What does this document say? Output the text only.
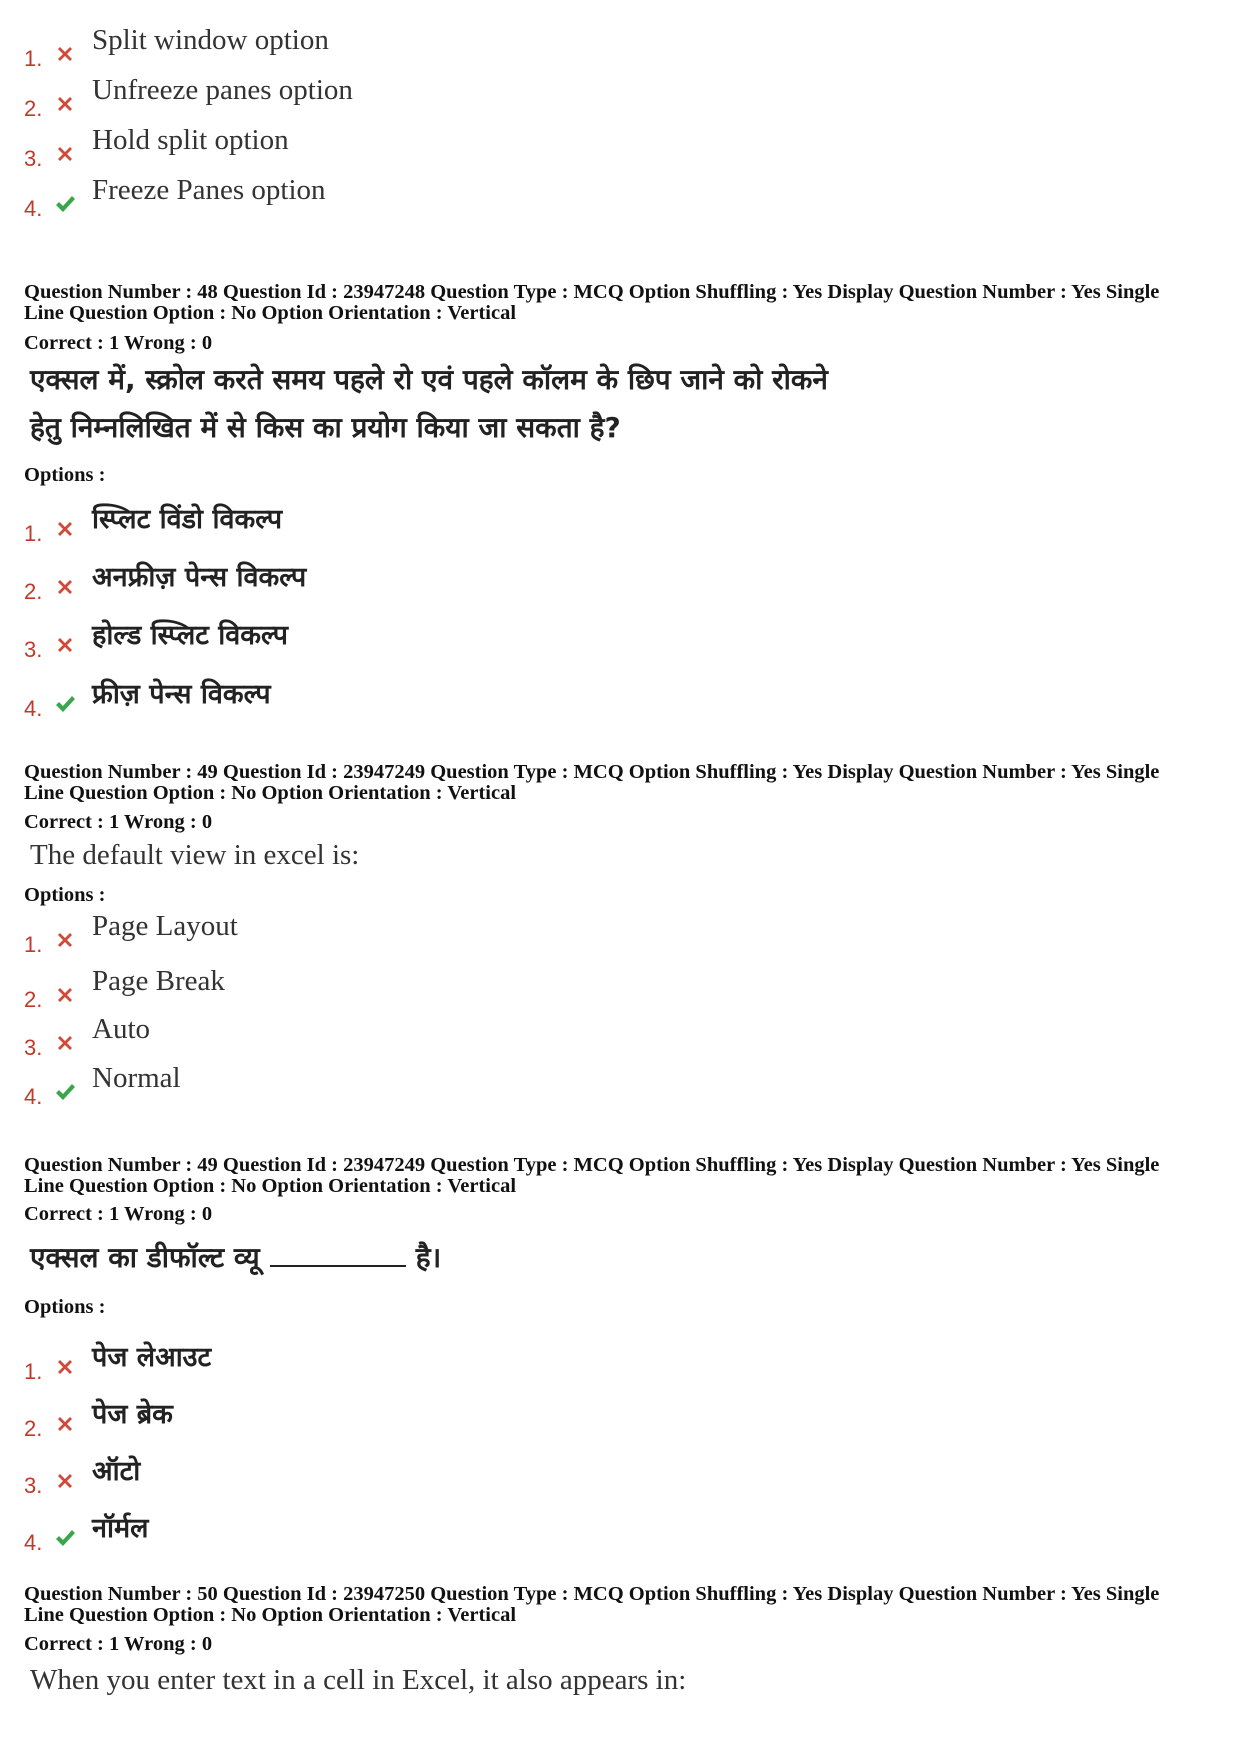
1.
Split window option
2.
Unfreeze panes option
3.
Hold split option
4.
Freeze Panes option
Question Number : 48 Question Id : 23947248 Question Type : MCQ Option Shuffling : Yes Display Question Number : Yes Single
Line Question Option : No Option Orientation : Vertical
Correct : 1 Wrong : 0
एक्सल में, स्क्रोल करते समय पहले रो एवं पहले कॉलम के छिप जाने को रोकने
हेतु निम्नलिखित में से किस का प्रयोग किया जा सकता है?
Options :
1. स्प्लिट विंडो विकल्प
2. अनफ्रीज़ पेन्स विकल्प
3. होल्ड स्प्लिट विकल्प
4. फ्रीज़ पेन्स विकल्प
Question Number : 49 Question Id : 23947249 Question Type : MCQ Option Shuffling : Yes Display Question Number : Yes Single
Line Question Option : No Option Orientation : Vertical
Correct : 1 Wrong : 0
The default view in excel is:
Options :
1.
Page Layout
2.
Page Break
3.
Auto
4.
Normal
Question Number : 49 Question Id : 23947249 Question Type : MCQ Option Shuffling : Yes Display Question Number : Yes Single
Line Question Option : No Option Orientation : Vertical
Correct : 1 Wrong : 0
एक्सल का डीफॉल्ट व्यू	है।
Options :
1. पेज लेआउट
2. पेज ब्रेक
3. ऑटो
4. नॉर्मल
Question Number : 50 Question Id : 23947250 Question Type : MCQ Option Shuffling : Yes Display Question Number : Yes Single
Line Question Option : No Option Orientation : Vertical
Correct : 1 Wrong : 0
When you enter text in a cell in Excel, it also appears in:
